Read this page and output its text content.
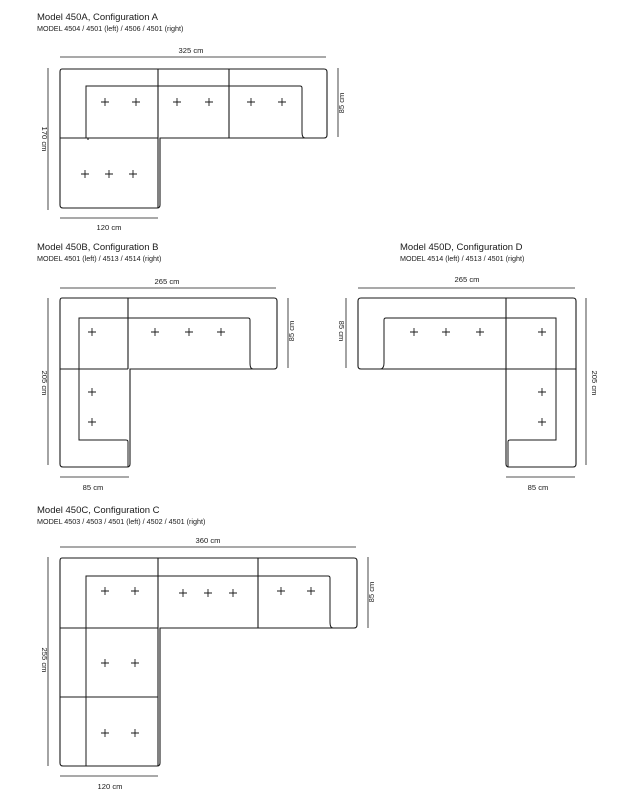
Model 450A, Configuration A
MODEL 4504 / 4501 (left) / 4506 / 4501 (right)
Model 450B, Configuration B
MODEL 4501 (left) / 4513 / 4514 (right)
Model 450D, Configuration D
MODEL 4514 (left) / 4513 / 4501 (right)
Model 450C, Configuration C
MODEL 4503 / 4503 / 4501 (left) / 4502 / 4501 (right)
325 cm
170 cm
85 cm
120 cm
265 cm
205 cm
85 cm
85 cm
265 cm
85 cm
205 cm
85 cm
360 cm
255 cm
85 cm
120 cm
